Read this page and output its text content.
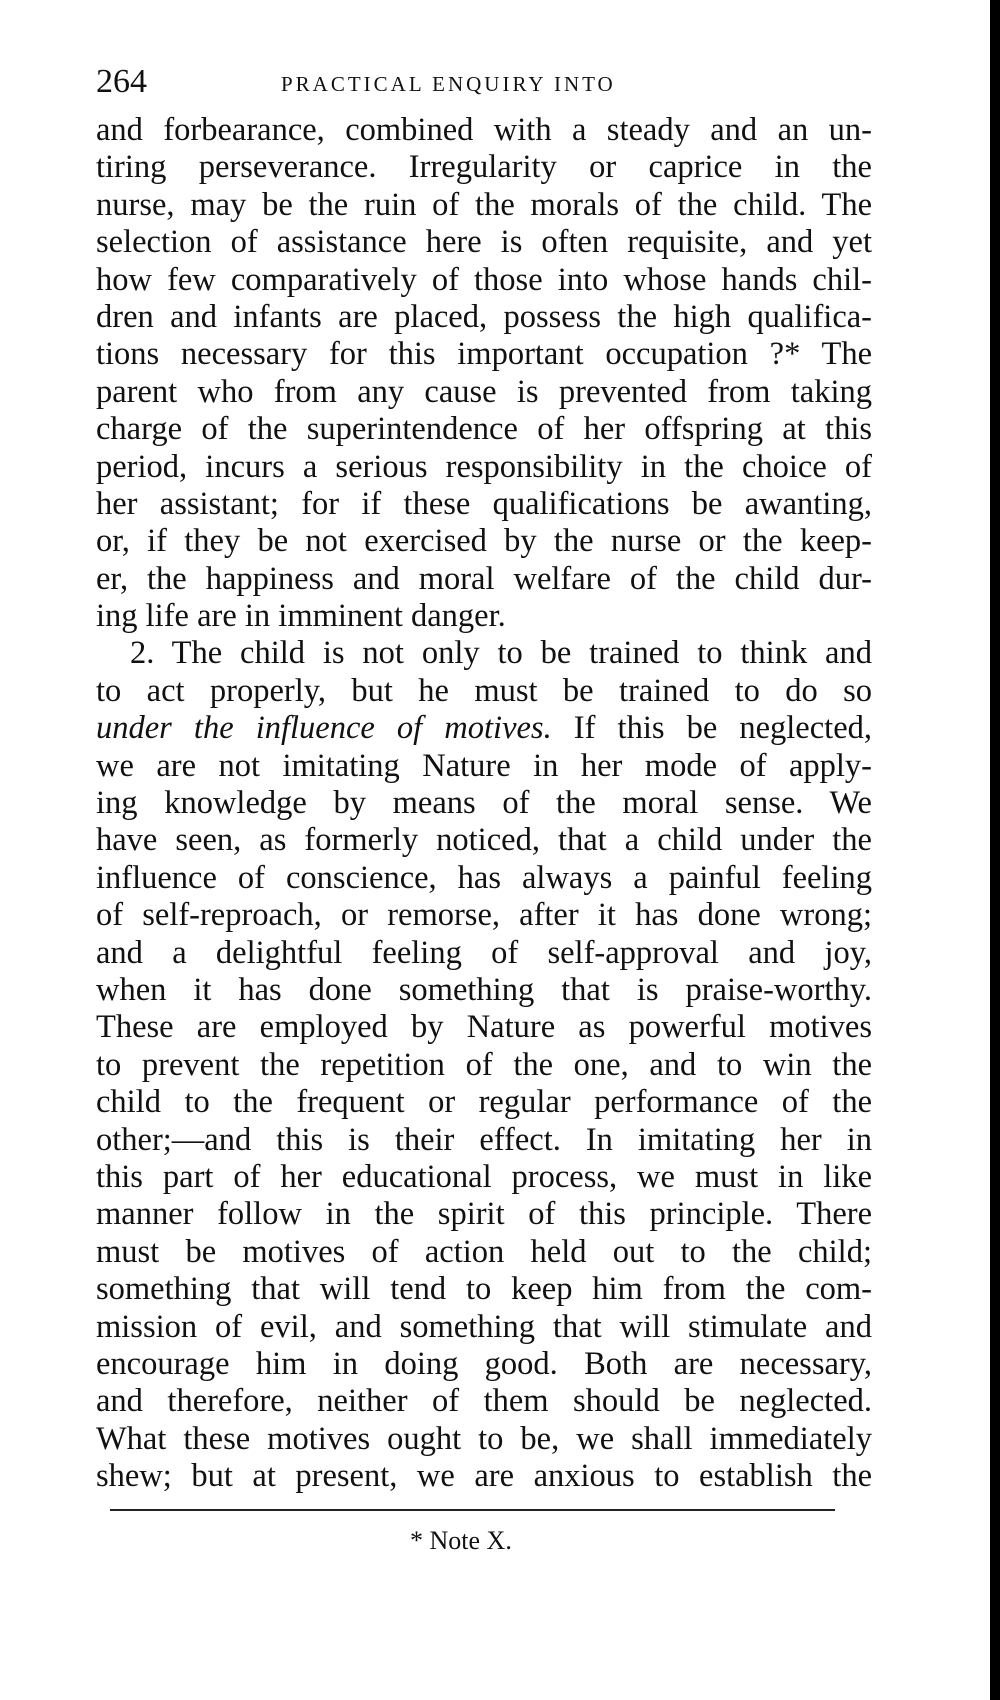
264	PRACTICAL ENQUIRY INTO
and forbearance, combined with a steady and an un-
tiring perseverance. Irregularity or caprice in the
nurse, may be the ruin of the morals of the child. The
selection of assistance here is often requisite, and yet
how few comparatively of those into whose hands chil-
dren and infants are placed, possess the high qualifica-
tions necessary for this important occupation ?* The
parent who from any cause is prevented from taking
charge of the superintendence of her offspring at this
period, incurs a serious responsibility in the choice of
her assistant; for if these qualifications be awanting,
or, if they be not exercised by the nurse or the keep-
er, the happiness and moral welfare of the child dur-
ing life are in imminent danger.
2. The child is not only to be trained to think and
to act properly, but he must be trained to do so
under the influence of motives. If this be neglected,
we are not imitating Nature in her mode of apply-
ing knowledge by means of the moral sense. We
have seen, as formerly noticed, that a child under the
influence of conscience, has always a painful feeling
of self-reproach, or remorse, after it has done wrong;
and a delightful feeling of self-approval and joy,
when it has done something that is praise-worthy.
These are employed by Nature as powerful motives
to prevent the repetition of the one, and to win the
child to the frequent or regular performance of the
other;—and this is their effect. In imitating her in
this part of her educational process, we must in like
manner follow in the spirit of this principle. There
must be motives of action held out to the child;
something that will tend to keep him from the com-
mission of evil, and something that will stimulate and
encourage him in doing good. Both are necessary,
and therefore, neither of them should be neglected.
What these motives ought to be, we shall immediately
shew; but at present, we are anxious to establish the
* Note X.
